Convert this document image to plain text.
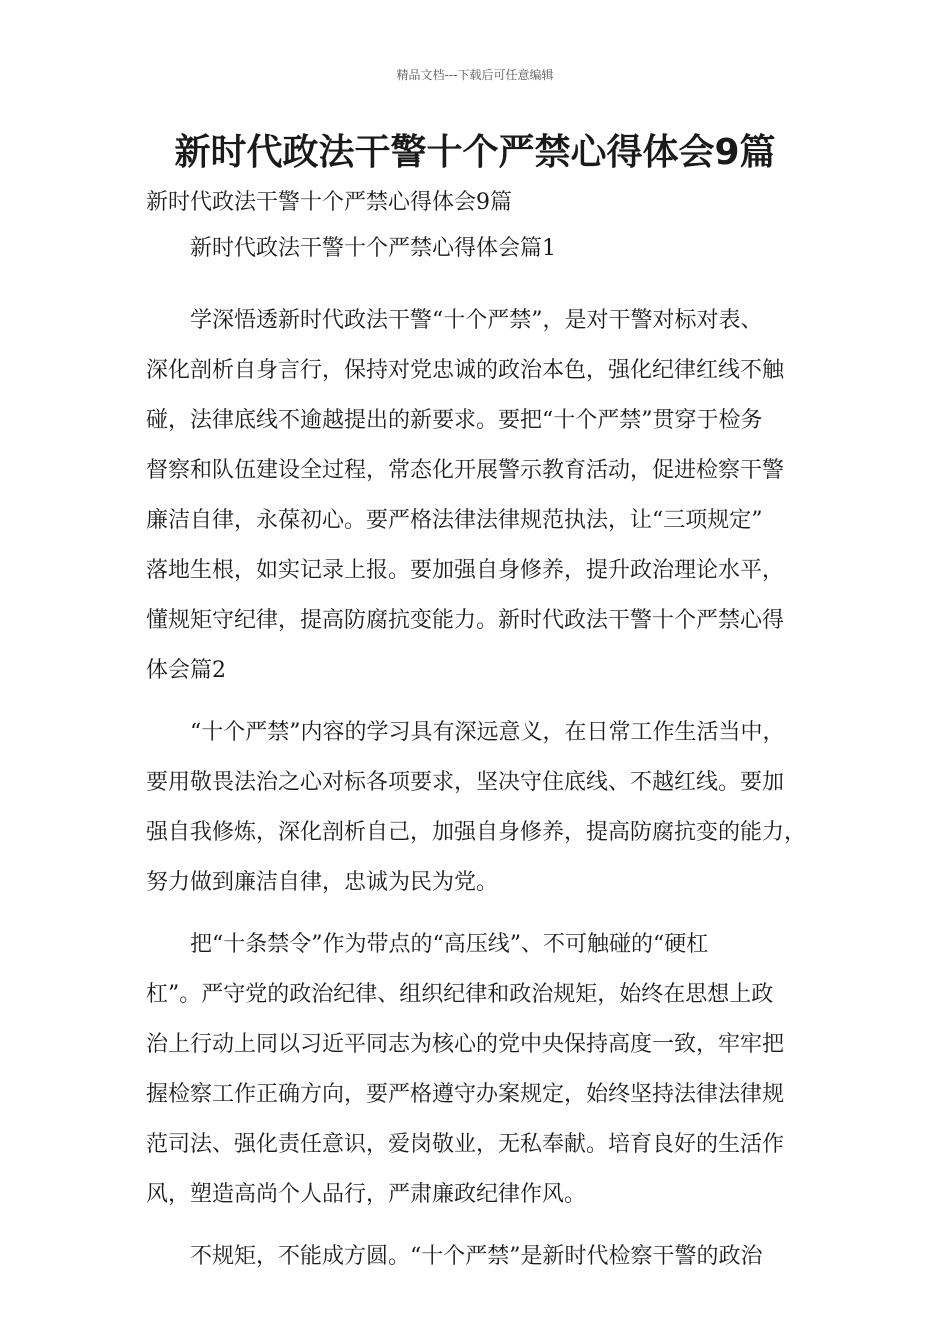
精品文档---下载后可任意编辑
新时代政法干警十个严禁心得体会9篇

新时代政法干警十个严禁心得体会9篇

新时代政法干警十个严禁心得体会篇1

学深悟透新时代政法干警“十个严禁”，是对干警对标对表、
深化剖析自身言行，保持对党忠诚的政治本色，强化纪律红线不触
碰，法律底线不逾越提出的新要求。要把“十个严禁”贯穿于检务
督察和队伍建设全过程，常态化开展警示教育活动，促进检察干警
廉洁自律，永葆初心。要严格法律法律规范执法，让“三项规定”
落地生根，如实记录上报。要加强自身修养，提升政治理论水平，
懂规矩守纪律，提高防腐抗变能力。新时代政法干警十个严禁心得
体会篇2

“十个严禁”内容的学习具有深远意义，在日常工作生活当中，
要用敬畏法治之心对标各项要求，坚决守住底线、不越红线。要加
强自我修炼，深化剖析自己，加强自身修养，提高防腐抗变的能力，
努力做到廉洁自律，忠诚为民为党。

把“十条禁令”作为带点的“高压线”、不可触碰的“硬杠
杠”。严守党的政治纪律、组织纪律和政治规矩，始终在思想上政
治上行动上同以习近平同志为核心的党中央保持高度一致，牢牢把
握检察工作正确方向，要严格遵守办案规定，始终坚持法律法律规
范司法、强化责任意识，爱岗敬业，无私奉献。培育良好的生活作
风，塑造高尚个人品行，严肃廉政纪律作风。

不规矩，不能成方圆。“十个严禁”是新时代检察干警的政治
